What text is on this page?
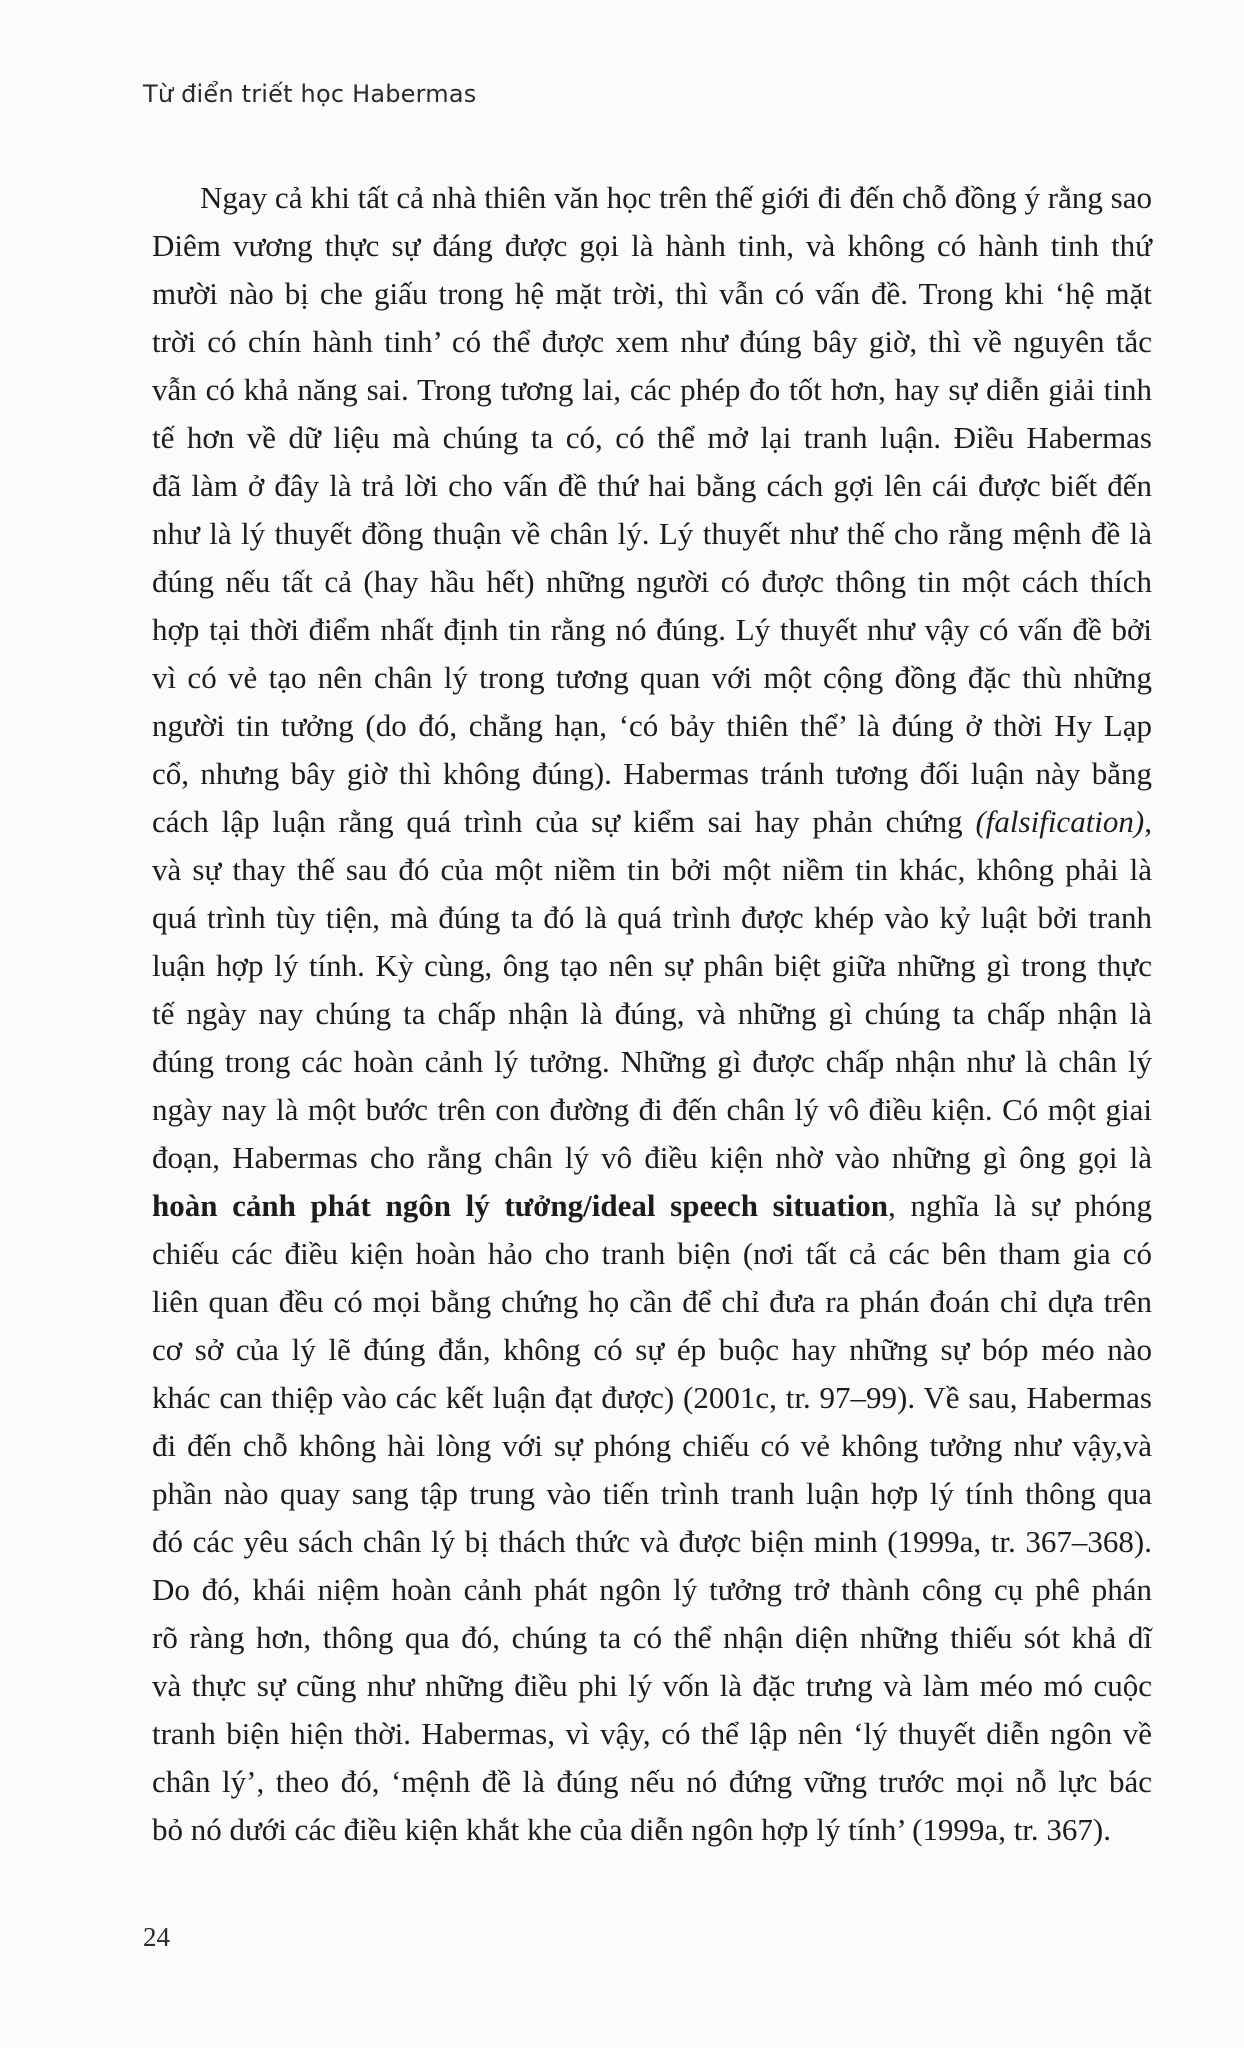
Từ điển triết học Habermas
Ngay cả khi tất cả nhà thiên văn học trên thế giới đi đến chỗ đồng ý rằng sao
Diêm vương thực sự đáng được gọi là hành tinh, và không có hành tinh thứ
mười nào bị che giấu trong hệ mặt trời, thì vẫn có vấn đề. Trong khi ‘hệ mặt
trời có chín hành tinh’ có thể được xem như đúng bây giờ, thì về nguyên tắc
vẫn có khả năng sai. Trong tương lai, các phép đo tốt hơn, hay sự diễn giải tinh
tế hơn về dữ liệu mà chúng ta có, có thể mở lại tranh luận. Điều Habermas
đã làm ở đây là trả lời cho vấn đề thứ hai bằng cách gợi lên cái được biết đến
như là lý thuyết đồng thuận về chân lý. Lý thuyết như thế cho rằng mệnh đề là
đúng nếu tất cả (hay hầu hết) những người có được thông tin một cách thích
hợp tại thời điểm nhất định tin rằng nó đúng. Lý thuyết như vậy có vấn đề bởi
vì có vẻ tạo nên chân lý trong tương quan với một cộng đồng đặc thù những
người tin tưởng (do đó, chẳng hạn, ‘có bảy thiên thể’ là đúng ở thời Hy Lạp
cổ, nhưng bây giờ thì không đúng). Habermas tránh tương đối luận này bằng
cách lập luận rằng quá trình của sự kiểm sai hay phản chứng (falsification),
và sự thay thế sau đó của một niềm tin bởi một niềm tin khác, không phải là
quá trình tùy tiện, mà đúng ta đó là quá trình được khép vào kỷ luật bởi tranh
luận hợp lý tính. Kỳ cùng, ông tạo nên sự phân biệt giữa những gì trong thực
tế ngày nay chúng ta chấp nhận là đúng, và những gì chúng ta chấp nhận là
đúng trong các hoàn cảnh lý tưởng. Những gì được chấp nhận như là chân lý
ngày nay là một bước trên con đường đi đến chân lý vô điều kiện. Có một giai
đoạn, Habermas cho rằng chân lý vô điều kiện nhờ vào những gì ông gọi là
hoàn cảnh phát ngôn lý tưởng/ideal speech situation, nghĩa là sự phóng
chiếu các điều kiện hoàn hảo cho tranh biện (nơi tất cả các bên tham gia có
liên quan đều có mọi bằng chứng họ cần để chỉ đưa ra phán đoán chỉ dựa trên
cơ sở của lý lẽ đúng đắn, không có sự ép buộc hay những sự bóp méo nào
khác can thiệp vào các kết luận đạt được) (2001c, tr. 97–99). Về sau, Habermas
đi đến chỗ không hài lòng với sự phóng chiếu có vẻ không tưởng như vậy,và
phần nào quay sang tập trung vào tiến trình tranh luận hợp lý tính thông qua
đó các yêu sách chân lý bị thách thức và được biện minh (1999a, tr. 367–368).
Do đó, khái niệm hoàn cảnh phát ngôn lý tưởng trở thành công cụ phê phán
rõ ràng hơn, thông qua đó, chúng ta có thể nhận diện những thiếu sót khả dĩ
và thực sự cũng như những điều phi lý vốn là đặc trưng và làm méo mó cuộc
tranh biện hiện thời. Habermas, vì vậy, có thể lập nên ‘lý thuyết diễn ngôn về
chân lý’, theo đó, ‘mệnh đề là đúng nếu nó đứng vững trước mọi nỗ lực bác
bỏ nó dưới các điều kiện khắt khe của diễn ngôn hợp lý tính’ (1999a, tr. 367).
24
